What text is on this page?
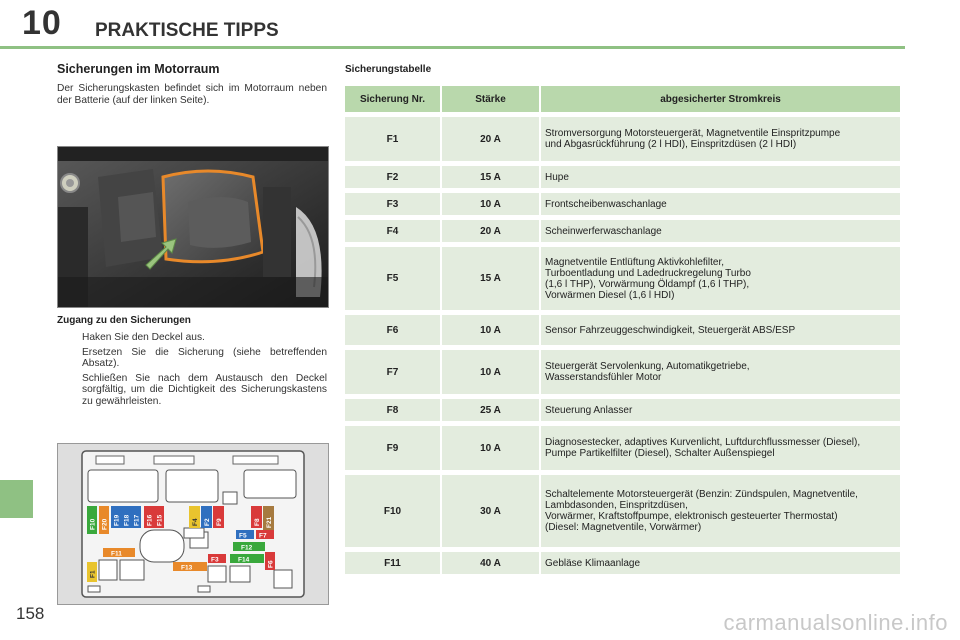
10 PRAKTISCHE TIPPS
Sicherungen im Motorraum
Der Sicherungskasten befindet sich im Motorraum neben der Batterie (auf der linken Seite).
Zugang zu den Sicherungen
Haken Sie den Deckel aus.
Ersetzen Sie die Sicherung (siehe betreffenden Absatz).
Schließen Sie nach dem Austausch den Deckel sorgfältig, um die Dichtigkeit des Sicherungskastens zu gewährleisten.
F10 F20 F19 F18 F17 F16 F15	F4 F2 F9	F8 F21
F5 F7
F11
F12
F3	F14
F13	F6
F1
Sicherungstabelle
Sicherung Nr.	Stärke	abgesicherter Stromkreis
F1	20 A	Stromversorgung Motorsteuergerät, Magnetventile Einspritzpumpe
und Abgasrückführung (2 l HDI), Einspritzdüsen (2 l HDI)
F2	15 A	Hupe
F3	10 A	Frontscheibenwaschanlage
F4	20 A	Scheinwerferwaschanlage
F5	15 A	Magnetventile Entlüftung Aktivkohlefilter,
Turboentladung und Ladedruckregelung Turbo
(1,6 l THP), Vorwärmung Öldampf (1,6 l THP),
Vorwärmen Diesel (1,6 l HDI)
F6	10 A	Sensor Fahrzeuggeschwindigkeit, Steuergerät ABS/ESP
F7	10 A	Steuergerät Servolenkung, Automatikgetriebe,
Wasserstandsfühler Motor
F8	25 A	Steuerung Anlasser
F9	10 A	Diagnosestecker, adaptives Kurvenlicht, Luftdurchflussmesser (Diesel),
Pumpe Partikelfilter (Diesel), Schalter Außenspiegel
F10	30 A	Schaltelemente Motorsteuergerät (Benzin: Zündspulen, Magnetventile,
Lambdasonden, Einspritzdüsen,
Vorwärmer, Kraftstoffpumpe, elektronisch gesteuerter Thermostat)
(Diesel: Magnetventile, Vorwärmer)
F11	40 A	Gebläse Klimaanlage
158	carmanualsonline.info
